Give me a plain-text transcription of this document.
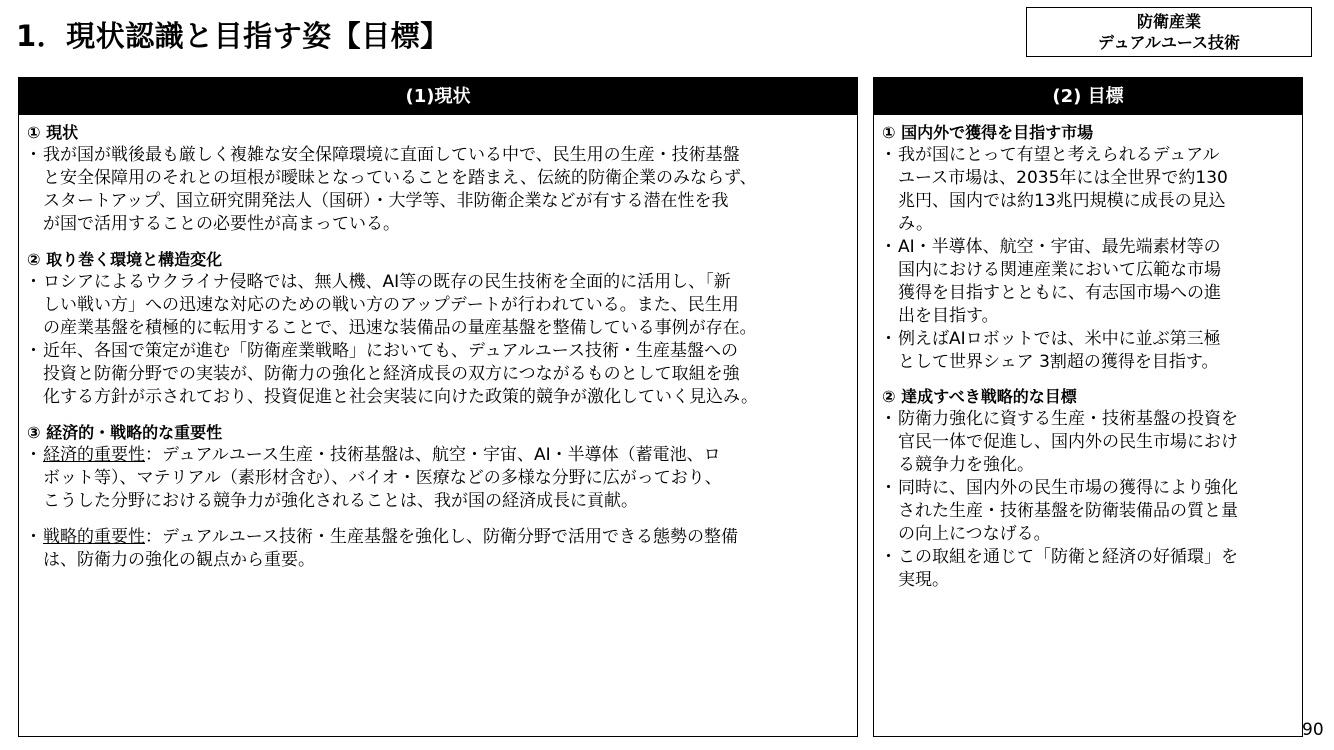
1．現状認識と目指す姿【目標】	防衛産業
デュアルユース技術
(1)現状
① 現状
・ 我が国が戦後最も厳しく複雑な安全保障環境に直面している中で、民生用の生産・技術基盤
と安全保障用のそれとの垣根が曖昧となっていることを踏まえ、伝統的防衛企業のみならず、
スタートアップ、国立研究開発法人（国研）・大学等、非防衛企業などが有する潜在性を我
が国で活用することの必要性が高まっている。
② 取り巻く環境と構造変化
・ ロシアによるウクライナ侵略では、無人機、AI等の既存の民生技術を全面的に活用し、「新
しい戦い方」への迅速な対応のための戦い方のアップデートが行われている。また、民生用
の産業基盤を積極的に転用することで、迅速な装備品の量産基盤を整備している事例が存在。
・ 近年、各国で策定が進む「防衛産業戦略」においても、デュアルユース技術・生産基盤への
投資と防衛分野での実装が、防衛力の強化と経済成長の双方につながるものとして取組を強
化する方針が示されており、投資促進と社会実装に向けた政策的競争が激化していく見込み。
③ 経済的・戦略的な重要性
・ 経済的重要性：デュアルユース生産・技術基盤は、航空・宇宙、AI・半導体（蓄電池、ロ
ボット等）、マテリアル（素形材含む）、バイオ・医療などの多様な分野に広がっており、
こうした分野における競争力が強化されることは、我が国の経済成長に貢献。
・ 戦略的重要性：デュアルユース技術・生産基盤を強化し、防衛分野で活用できる態勢の整備
は、防衛力の強化の観点から重要。
(2) 目標
① 国内外で獲得を目指す市場
・ 我が国にとって有望と考えられるデュアル
ユース市場は、2035年には全世界で約130
兆円、国内では約13兆円規模に成長の見込
み。
・ AI・半導体、航空・宇宙、最先端素材等の
国内における関連産業において広範な市場
獲得を目指すとともに、有志国市場への進
出を目指す。
・ 例えばAIロボットでは、米中に並ぶ第三極
として世界シェア 3割超の獲得を目指す。
② 達成すべき戦略的な目標
・ 防衛力強化に資する生産・技術基盤の投資を
官民一体で促進し、国内外の民生市場におけ
る競争力を強化。
・ 同時に、国内外の民生市場の獲得により強化
された生産・技術基盤を防衛装備品の質と量
の向上につなげる。
・ この取組を通じて「防衛と経済の好循環」を
実現。
90
